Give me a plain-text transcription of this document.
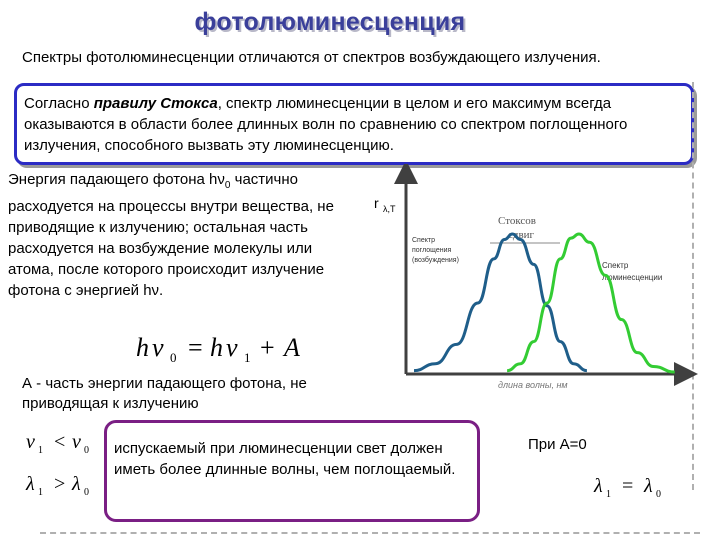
фотолюминесценция
Спектры фотолюминесценции отличаются от спектров возбуждающего излучения.
Согласно правилу Стокса, спектр люминесценции в целом и его максимум всегда оказываются в области более длинных волн по сравнению со спектром поглощенного излучения, способного вызвать эту люминесценцию.
Энергия падающего фотона $h\nu_0$ частично расходуется на процессы внутри вещества, не приводящие к излучению; остальная часть расходуется на возбуждение молекулы или атома, после которого происходит излучение фотона с энергией hν.
h ν 0 = h ν 1 + A
А - часть энергии падающего фотона, не приводящая к излучению
ν 1 < ν 0
λ 1 > λ 0
испускаемый при люминесценции свет должен иметь более длинные волны, чем поглощаемый.
При А=0
λ 1 = λ 0
r λ,T
длина волны, нм
Стоксов
сдвиг
Спектр
поглощения
(возбуждения)
Спектр
люминесценции
